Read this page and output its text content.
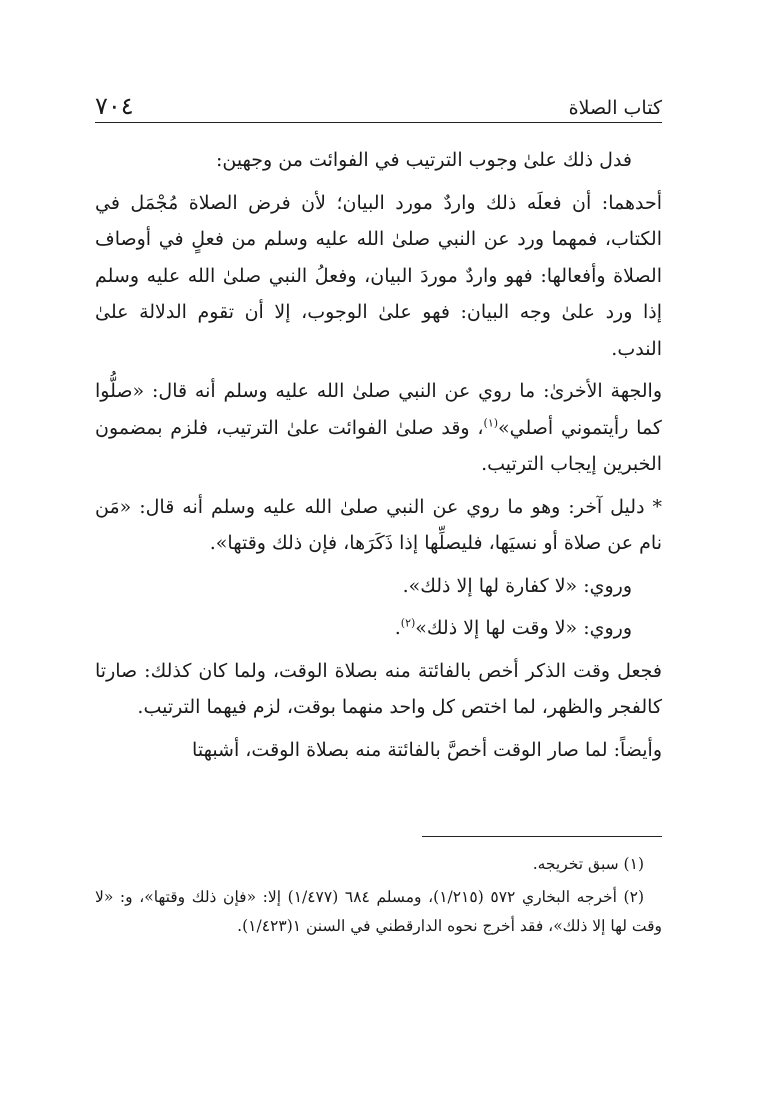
كتاب الصلاة
٧٠٤

فدل ذلك علىٰ وجوب الترتيب في الفوائت من وجهين:

أحدهما: أن فعلَه ذلك واردٌ مورد البيان؛ لأن فرض الصلاة مُجْمَل في الكتاب، فمهما ورد عن النبي صلىٰ الله عليه وسلم من فعلٍ في أوصاف الصلاة وأفعالها: فهو واردٌ موردَ البيان، وفعلُ النبي صلىٰ الله عليه وسلم إذا ورد علىٰ وجه البيان: فهو علىٰ الوجوب، إلا أن تقوم الدلالة علىٰ الندب.

والجهة الأخرىٰ: ما روي عن النبي صلىٰ الله عليه وسلم أنه قال: «صلُّوا كما رأيتموني أصلي»$^{(١)}$، وقد صلىٰ الفوائت علىٰ الترتيب، فلزم بمضمون الخبرين إيجاب الترتيب.

* دليل آخر: وهو ما روي عن النبي صلىٰ الله عليه وسلم أنه قال: «مَن نام عن صلاة أو نسيَها، فليصلِّها إذا ذَكَرَها، فإن ذلك وقتها».

وروي: «لا كفارة لها إلا ذلك».

وروي: «لا وقت لها إلا ذلك»$^{(٢)}$.

فجعل وقت الذكر أخص بالفائتة منه بصلاة الوقت، ولما كان كذلك: صارتا كالفجر والظهر، لما اختص كل واحد منهما بوقت، لزم فيهما الترتيب.

وأيضاً: لما صار الوقت أخصَّ بالفائتة منه بصلاة الوقت، أشبهتا

(١) سبق تخريجه.

(٢) أخرجه البخاري ٥٧٢ (١/٢١٥)، ومسلم ٦٨٤ (١/٤٧٧) إلا: «فإن ذلك وقتها»، و: «لا وقت لها إلا ذلك»، فقد أخرج نحوه الدارقطني في السنن ١(١/٤٢٣).
